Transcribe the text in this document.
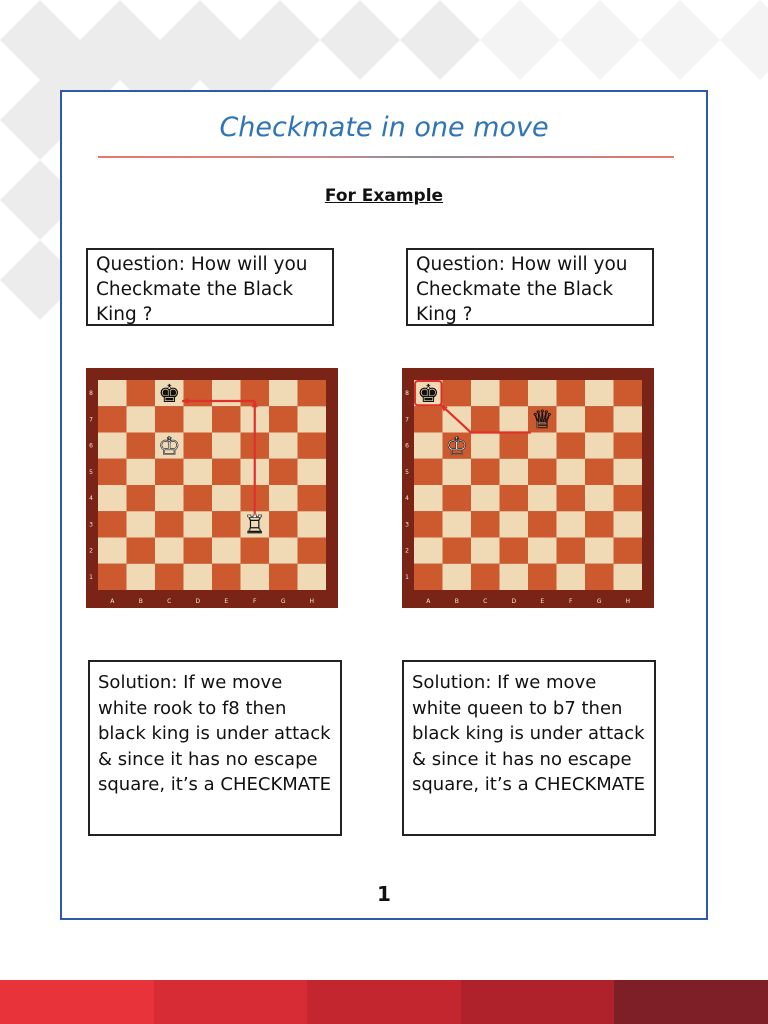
Checkmate in one move
For Example
Question: How will you Checkmate the Black King ?
Question: How will you Checkmate the Black King ?
A	B	C	D	E	F	G	H
8
7
6
5
4
3
2
1
♚
♔
♖
A	B	C	D	E	F	G	H
8
7
6
5
4
3
2
1
♚
♔
♕
Solution: If we move white rook to f8 then black king is under attack & since it has no escape square, it’s a CHECKMATE
Solution: If we move white queen to b7 then black king is under attack & since it has no escape square, it’s a CHECKMATE
1
